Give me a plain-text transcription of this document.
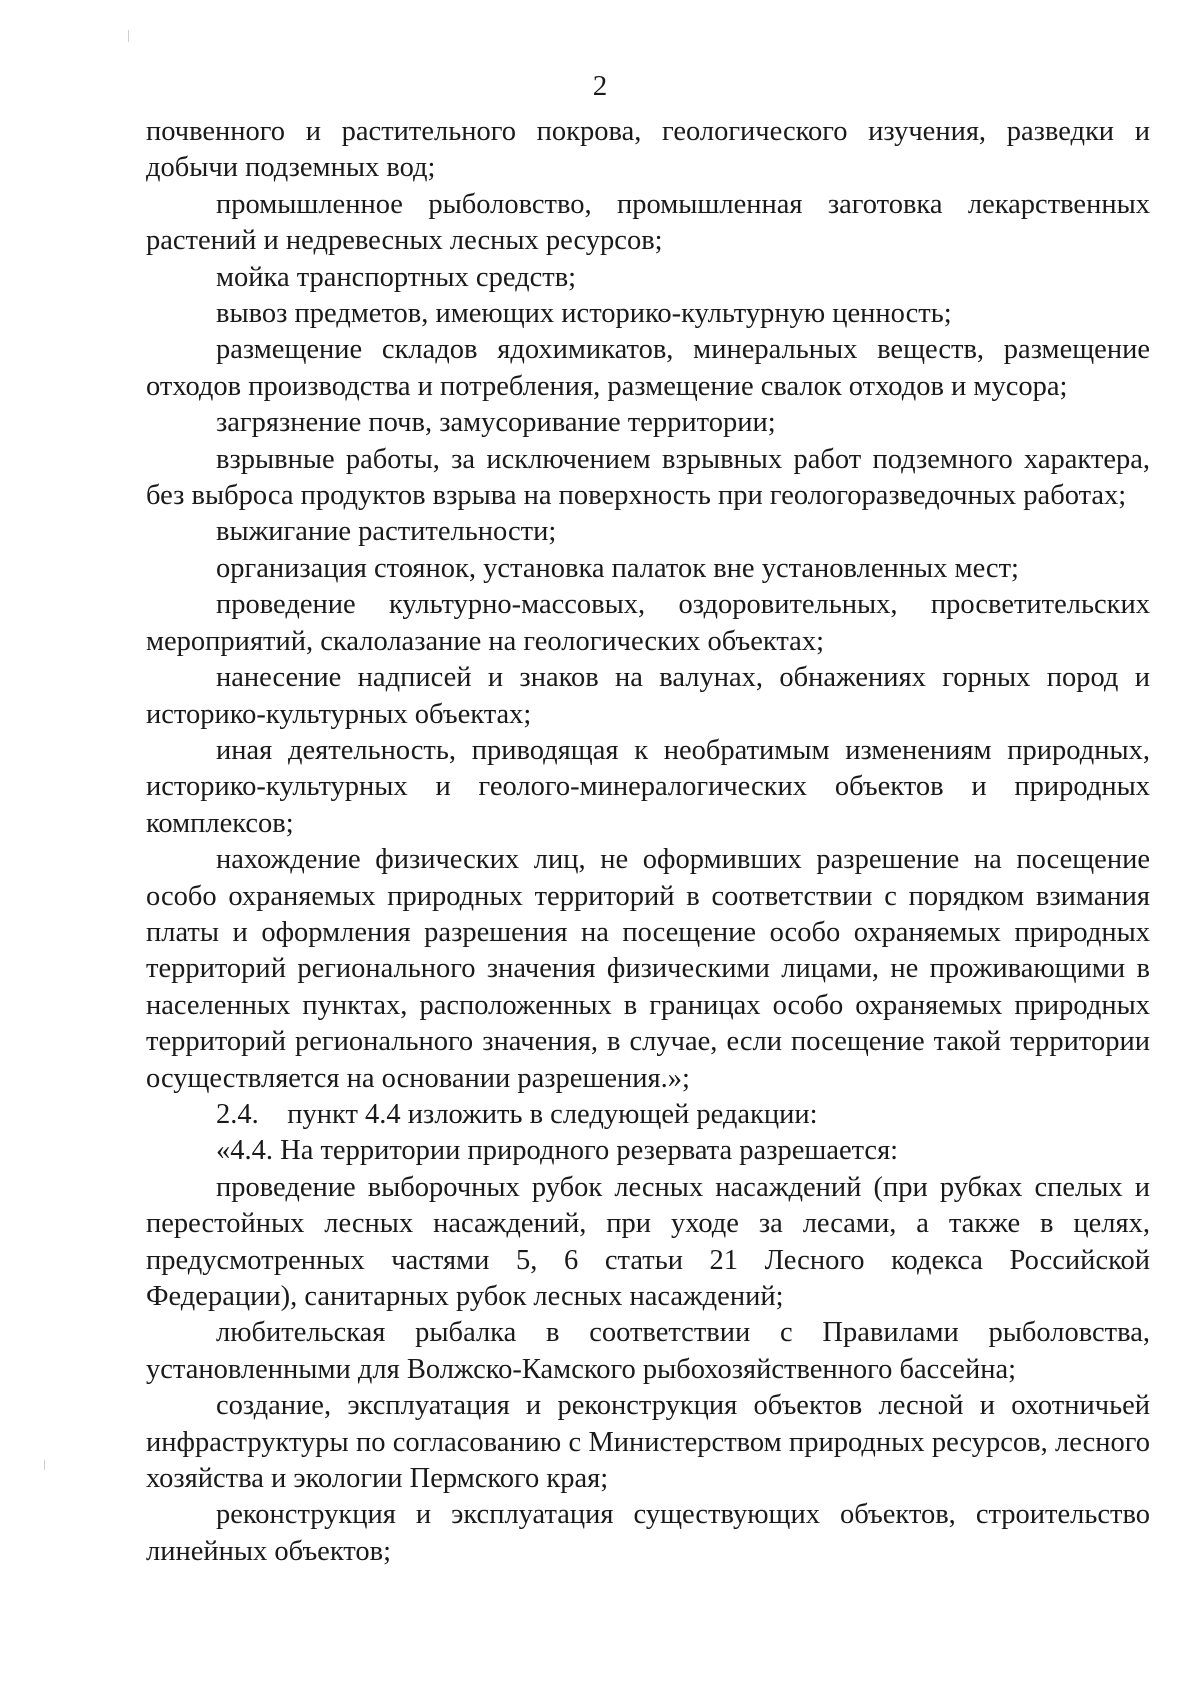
2

почвенного и растительного покрова, геологического изучения, разведки и добычи подземных вод;

промышленное рыболовство, промышленная заготовка лекарственных растений и недревесных лесных ресурсов;

мойка транспортных средств;

вывоз предметов, имеющих историко-культурную ценность;

размещение складов ядохимикатов, минеральных веществ, размещение отходов производства и потребления, размещение свалок отходов и мусора;

загрязнение почв, замусоривание территории;

взрывные работы, за исключением взрывных работ подземного характера, без выброса продуктов взрыва на поверхность при геологоразведочных работах;

выжигание растительности;

организация стоянок, установка палаток вне установленных мест;

проведение культурно-массовых, оздоровительных, просветительских мероприятий, скалолазание на геологических объектах;

нанесение надписей и знаков на валунах, обнажениях горных пород и историко-культурных объектах;

иная деятельность, приводящая к необратимым изменениям природных, историко-культурных и геолого-минералогических объектов и природных комплексов;

нахождение физических лиц, не оформивших разрешение на посещение особо охраняемых природных территорий в соответствии с порядком взимания платы и оформления разрешения на посещение особо охраняемых природных территорий регионального значения физическими лицами, не проживающими в населенных пунктах, расположенных в границах особо охраняемых природных территорий регионального значения, в случае, если посещение такой территории осуществляется на основании разрешения.»;

2.4.    пункт 4.4 изложить в следующей редакции:

«4.4. На территории природного резервата разрешается:

проведение выборочных рубок лесных насаждений (при рубках спелых и перестойных лесных насаждений, при уходе за лесами, а также в целях, предусмотренных частями 5, 6 статьи 21 Лесного кодекса Российской Федерации), санитарных рубок лесных насаждений;

любительская рыбалка в соответствии с Правилами рыболовства, установленными для Волжско-Камского рыбохозяйственного бассейна;

создание, эксплуатация и реконструкция объектов лесной и охотничьей инфраструктуры по согласованию с Министерством природных ресурсов, лесного хозяйства и экологии Пермского края;

реконструкция и эксплуатация существующих объектов, строительство линейных объектов;
